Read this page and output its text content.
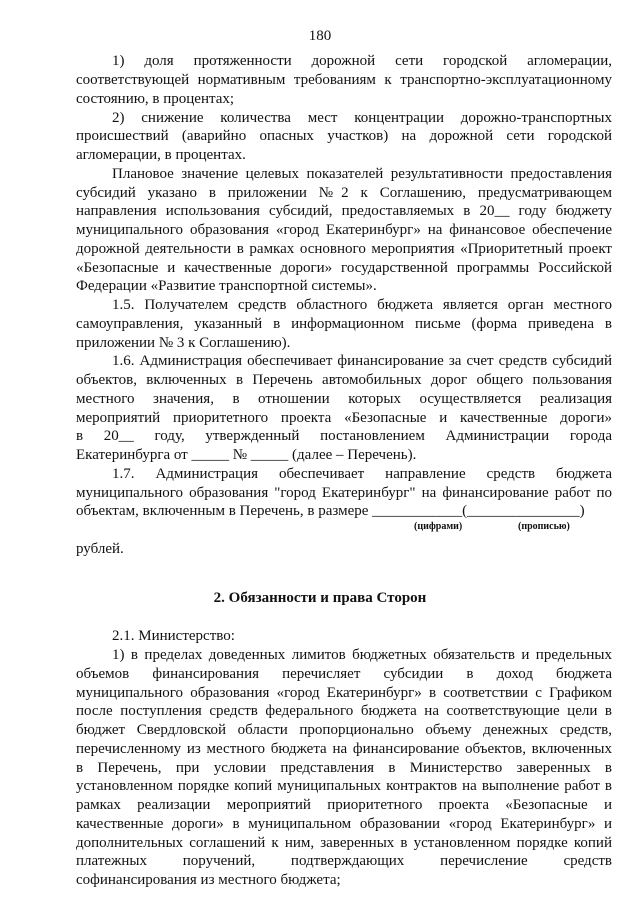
180
1) доля протяженности дорожной сети городской агломерации,
соответствующей нормативным требованиям к транспортно-эксплуатационному
состоянию, в процентах;
2) снижение количества мест концентрации дорожно-транспортных
происшествий (аварийно опасных участков) на дорожной сети городской
агломерации, в процентах.
Плановое значение целевых показателей результативности предоставления
субсидий указано в приложении №2 к Соглашению, предусматривающем
направления использования субсидий, предоставляемых в 20__ году бюджету
муниципального образования «город Екатеринбург» на финансовое обеспечение
дорожной деятельности в рамках основного мероприятия «Приоритетный проект
«Безопасные и качественные дороги» государственной программы Российской
Федерации «Развитие транспортной системы».
1.5. Получателем средств областного бюджета является орган местного
самоуправления, указанный в информационном письме (форма приведена в
приложении № 3 к Соглашению).
1.6. Администрация обеспечивает финансирование за счет средств субсидий
объектов, включенных в Перечень автомобильных дорог общего пользования
местного значения, в отношении которых осуществляется реализация
мероприятий приоритетного проекта «Безопасные и качественные дороги»
в 20__ году, утвержденный постановлением Администрации города
Екатеринбурга от _____ № _____ (далее – Перечень).
1.7. Администрация обеспечивает направление средств бюджета
муниципального образования "город Екатеринбург" на финансирование работ по
объектам, включенным в Перечень, в размере ____________(_______________)
(цифрами)	(прописью)
рублей.
2. Обязанности и права Сторон
2.1. Министерство:
1) в пределах доведенных лимитов бюджетных обязательств и предельных
объемов финансирования перечисляет субсидии в доход бюджета
муниципального образования «город Екатеринбург» в соответствии с Графиком
после поступления средств федерального бюджета на соответствующие цели в
бюджет Свердловской области пропорционально объему денежных средств,
перечисленному из местного бюджета на финансирование объектов, включенных
в Перечень, при условии представления в Министерство заверенных в
установленном порядке копий муниципальных контрактов на выполнение работ в
рамках реализации мероприятий приоритетного проекта «Безопасные и
качественные дороги» в муниципальном образовании «город Екатеринбург» и
дополнительных соглашений к ним, заверенных в установленном порядке копий
платежных поручений, подтверждающих перечисление средств
софинансирования из местного бюджета;
